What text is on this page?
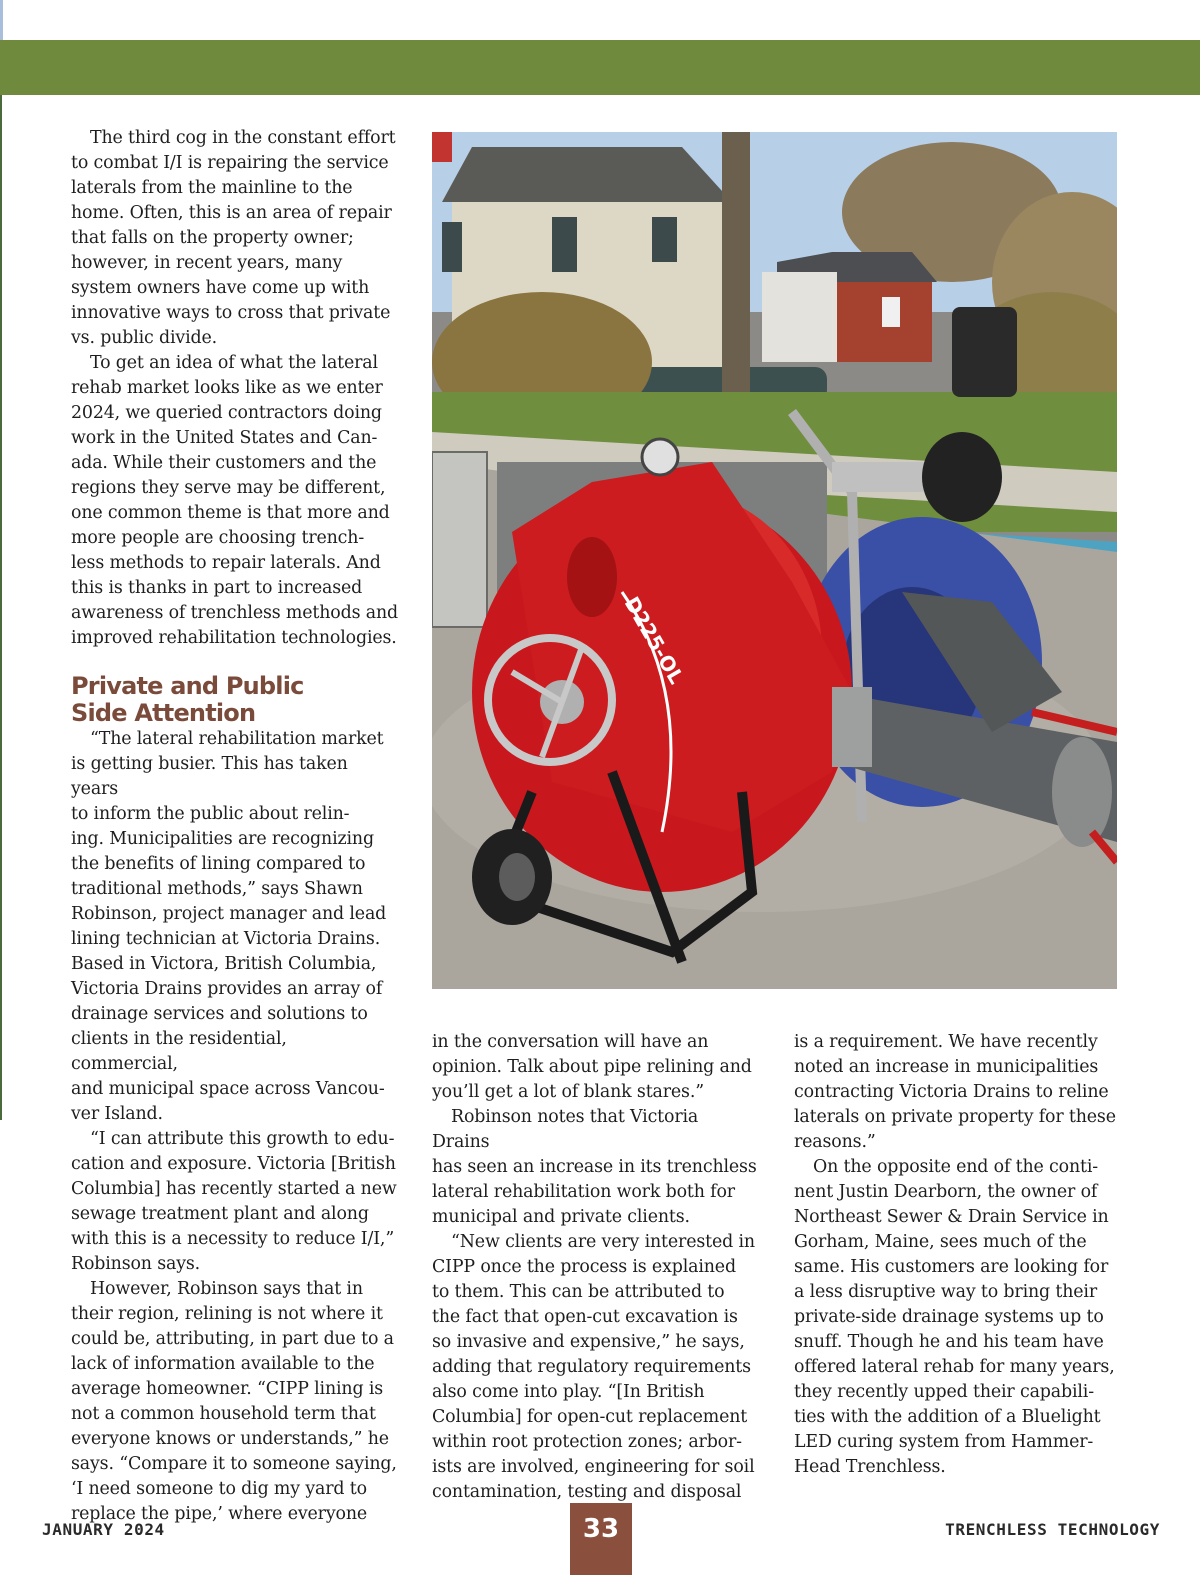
The third cog in the constant effort
to combat I/I is repairing the service
laterals from the mainline to the
home. Often, this is an area of repair
that falls on the property owner;
however, in recent years, many
system owners have come up with
innovative ways to cross that private
vs. public divide.

To get an idea of what the lateral
rehab market looks like as we enter
2024, we queried contractors doing
work in the United States and Can-
ada. While their customers and the
regions they serve may be different,
one common theme is that more and
more people are choosing trench-
less methods to repair laterals. And
this is thanks in part to increased
awareness of trenchless methods and
improved rehabilitation technologies.

Private and Public
Side Attention

“The lateral rehabilitation market
is getting busier. This has taken years
to inform the public about relin-
ing. Municipalities are recognizing
the benefits of lining compared to
traditional methods,” says Shawn
Robinson, project manager and lead
lining technician at Victoria Drains.
Based in Victora, British Columbia,
Victoria Drains provides an array of
drainage services and solutions to
clients in the residential, commercial,
and municipal space across Vancou-
ver Island.

“I can attribute this growth to edu-
cation and exposure. Victoria [British
Columbia] has recently started a new
sewage treatment plant and along
with this is a necessity to reduce I/I,”
Robinson says.

However, Robinson says that in
their region, relining is not where it
could be, attributing, in part due to a
lack of information available to the
average homeowner. “CIPP lining is
not a common household term that
everyone knows or understands,” he
says. “Compare it to someone saying,
‘I need someone to dig my yard to
replace the pipe,’ where everyone

D225-OL

in the conversation will have an
opinion. Talk about pipe relining and
you’ll get a lot of blank stares.”

Robinson notes that Victoria Drains
has seen an increase in its trenchless
lateral rehabilitation work both for
municipal and private clients.

“New clients are very interested in
CIPP once the process is explained
to them. This can be attributed to
the fact that open-cut excavation is
so invasive and expensive,” he says,
adding that regulatory requirements
also come into play. “[In British
Columbia] for open-cut replacement
within root protection zones; arbor-
ists are involved, engineering for soil
contamination, testing and disposal

is a requirement. We have recently
noted an increase in municipalities
contracting Victoria Drains to reline
laterals on private property for these
reasons.”

On the opposite end of the conti-
nent Justin Dearborn, the owner of
Northeast Sewer & Drain Service in
Gorham, Maine, sees much of the
same. His customers are looking for
a less disruptive way to bring their
private-side drainage systems up to
snuff. Though he and his team have
offered lateral rehab for many years,
they recently upped their capabili-
ties with the addition of a Bluelight
LED curing system from Hammer-
Head Trenchless.

JANUARY 2024	33	TRENCHLESS TECHNOLOGY
